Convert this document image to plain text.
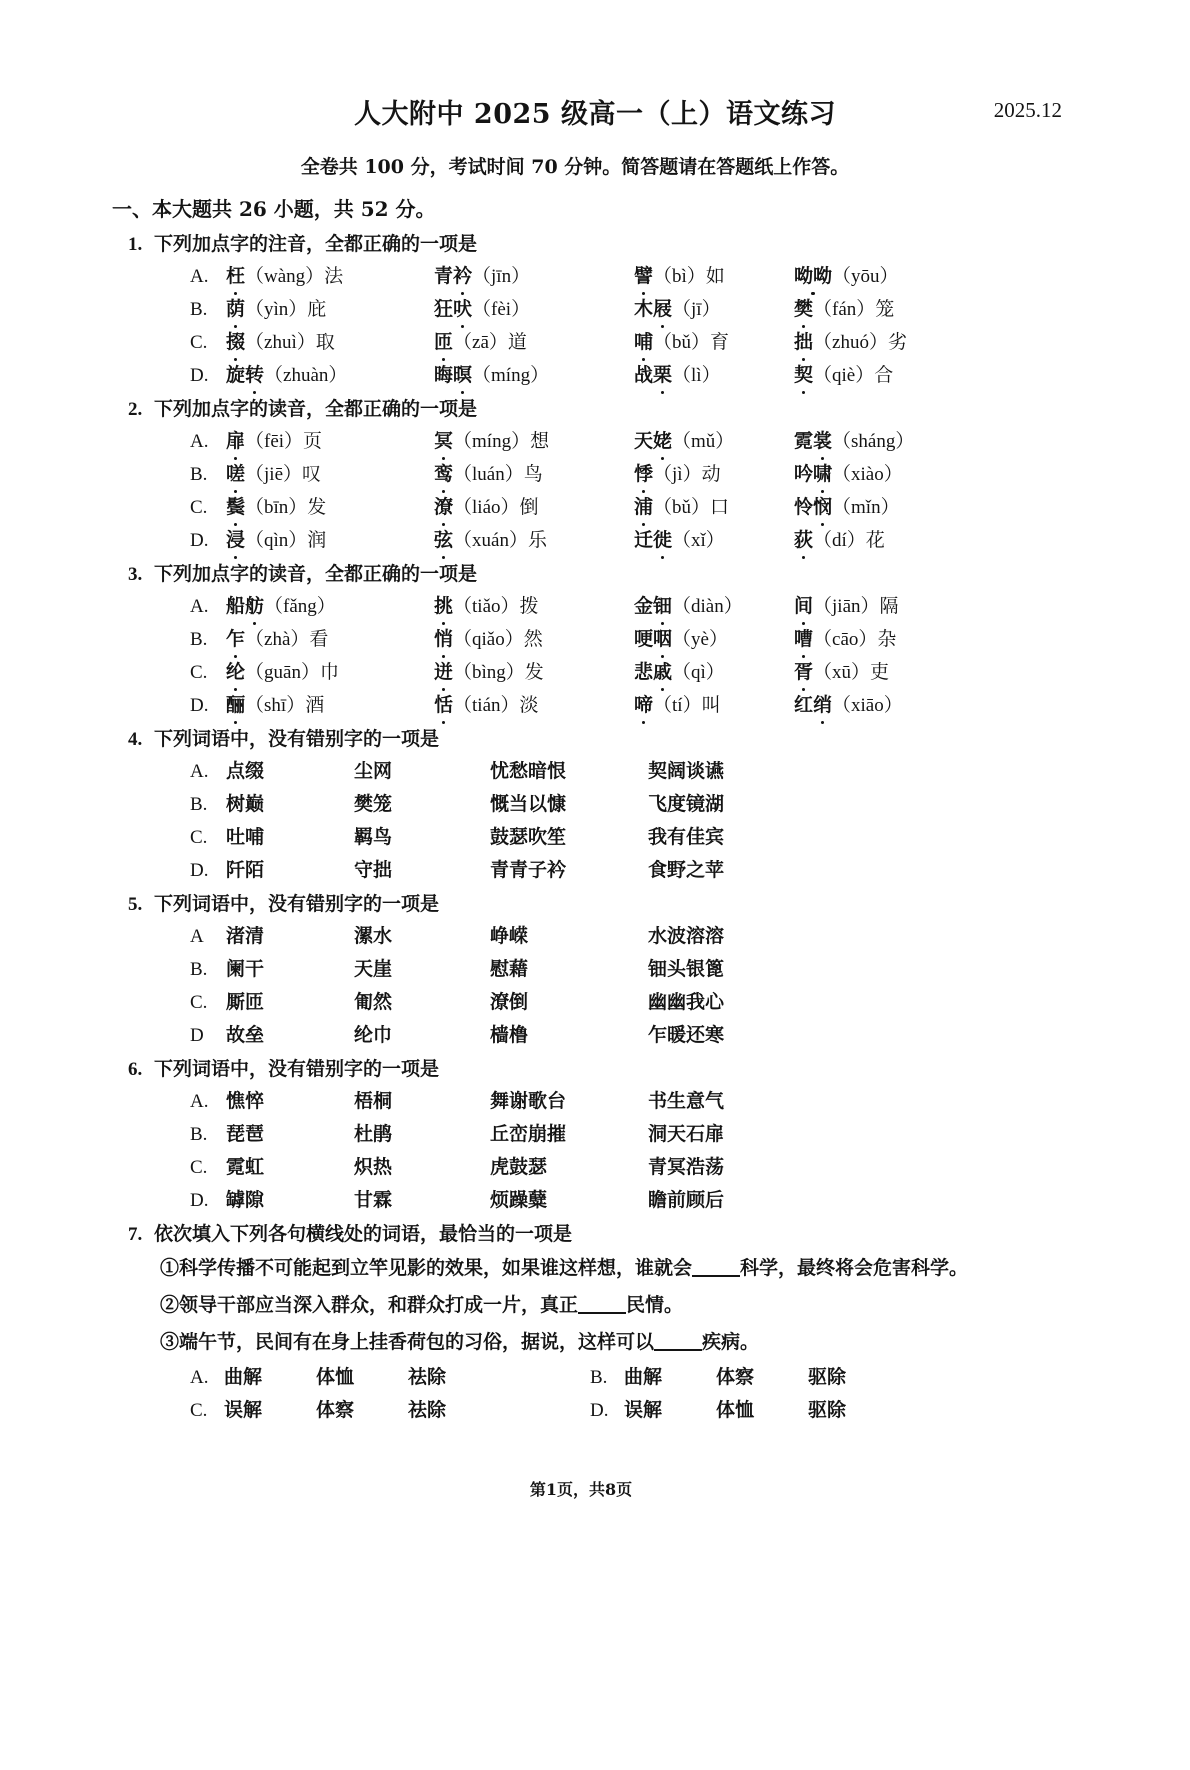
人大附中 2025 级高一（上）语文练习	2025.12
全卷共 100 分，考试时间 70 分钟。简答题请在答题纸上作答。
一、本大题共 26 小题，共 52 分。
1. 下列加点字的注音，全都正确的一项是
A. 枉（wàng）法	青衿（jīn）	譬（bì）如	呦呦（yōu）
B. 荫（yìn）庇	狂吠（fèi）	木屐（jī）	樊（fán）笼
C. 掇（zhuì）取	匝（zā）道	哺（bǔ）育	拙（zhuó）劣
D. 旋转（zhuàn）	晦暝（míng）	战栗（lì）	契（qiè）合
2. 下列加点字的读音，全都正确的一项是
A. 扉（fēi）页	冥（míng）想	天姥（mǔ）	霓裳（sháng）
B. 嗟（jiē）叹	鸾（luán）鸟	悸（jì）动	吟啸（xiào）
C. 鬓（bīn）发	潦（liáo）倒	浦（bǔ）口	怜悯（mǐn）
D. 浸（qìn）润	弦（xuán）乐	迁徙（xǐ）	荻（dí）花
3. 下列加点字的读音，全都正确的一项是
A. 船舫（fǎng）	挑（tiǎo）拨	金钿（diàn）	间（jiān）隔
B. 乍（zhà）看	悄（qiǎo）然	哽咽（yè）	嘈（cāo）杂
C. 纶（guān）巾	迸（bìng）发	悲戚（qì）	胥（xū）吏
D. 酾（shī）酒	恬（tián）淡	啼（tí）叫	红绡（xiāo）
4. 下列词语中，没有错别字的一项是
A. 点缀	尘网	忧愁暗恨	契阔谈䜩
B. 树巅	樊笼	慨当以慷	飞度镜湖
C. 吐哺	羁鸟	鼓瑟吹笙	我有佳宾
D. 阡陌	守拙	青青子衿	食野之苹
5. 下列词语中，没有错别字的一项是
A	渚清	漯水	峥嵘	水波溶溶
B. 阑干	天崖	慰藉	钿头银篦
C. 厮匝	匍然	潦倒	幽幽我心
D	故垒	纶巾	樯橹	乍暖还寒
6. 下列词语中，没有错别字的一项是
A. 憔悴	梧桐	舞谢歌台	书生意气
B. 琵琶	杜鹃	丘峦崩摧	洞天石扉
C. 霓虹	炽热	虎鼓瑟	青冥浩荡
D. 罅隙	甘霖	烦躁糵	瞻前顾后
7. 依次填入下列各句横线处的词语，最恰当的一项是
①科学传播不可能起到立竿见影的效果，如果谁这样想，谁就会	科学，最终将会危害科学。
②领导干部应当深入群众，和群众打成一片，真正	民情。
③端午节，民间有在身上挂香荷包的习俗，据说，这样可以	疾病。
A. 曲解	体恤	祛除	B. 曲解	体察	驱除
C. 误解	体察	祛除	D. 误解	体恤	驱除
第1页，共8页
